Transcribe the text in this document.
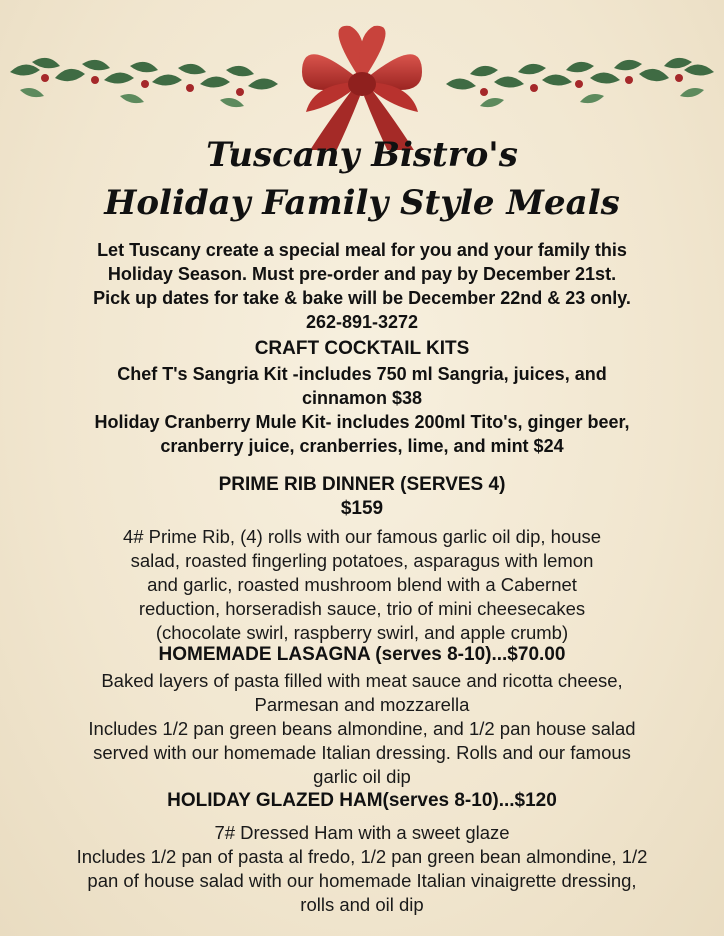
Tuscany Bistro's
Holiday Family Style Meals
Let Tuscany create a special meal for you and your family this
Holiday Season. Must pre-order and pay by December 21st.
Pick up dates for take & bake will be December 22nd & 23 only.
262-891-3272
CRAFT COCKTAIL KITS
Chef T's Sangria Kit -includes 750 ml Sangria, juices, and
cinnamon $38
Holiday Cranberry Mule Kit- includes 200ml Tito's, ginger beer,
cranberry juice, cranberries, lime, and mint $24
PRIME RIB DINNER (SERVES 4)
$159
4# Prime Rib, (4) rolls with our famous garlic oil dip, house
salad, roasted fingerling potatoes, asparagus with lemon
and garlic, roasted mushroom blend with a Cabernet
reduction, horseradish sauce, trio of mini cheesecakes
(chocolate swirl, raspberry swirl, and apple crumb)
HOMEMADE LASAGNA (serves 8-10)...$70.00
Baked layers of pasta filled with meat sauce and ricotta cheese,
Parmesan and mozzarella
Includes 1/2 pan green beans almondine, and 1/2 pan house salad
served with our homemade Italian dressing. Rolls and our famous
garlic oil dip
HOLIDAY GLAZED HAM(serves 8-10)...$120
7# Dressed Ham with a sweet glaze
Includes 1/2 pan of pasta al fredo, 1/2 pan green bean almondine, 1/2
pan of house salad with our homemade Italian vinaigrette dressing,
rolls and oil dip
